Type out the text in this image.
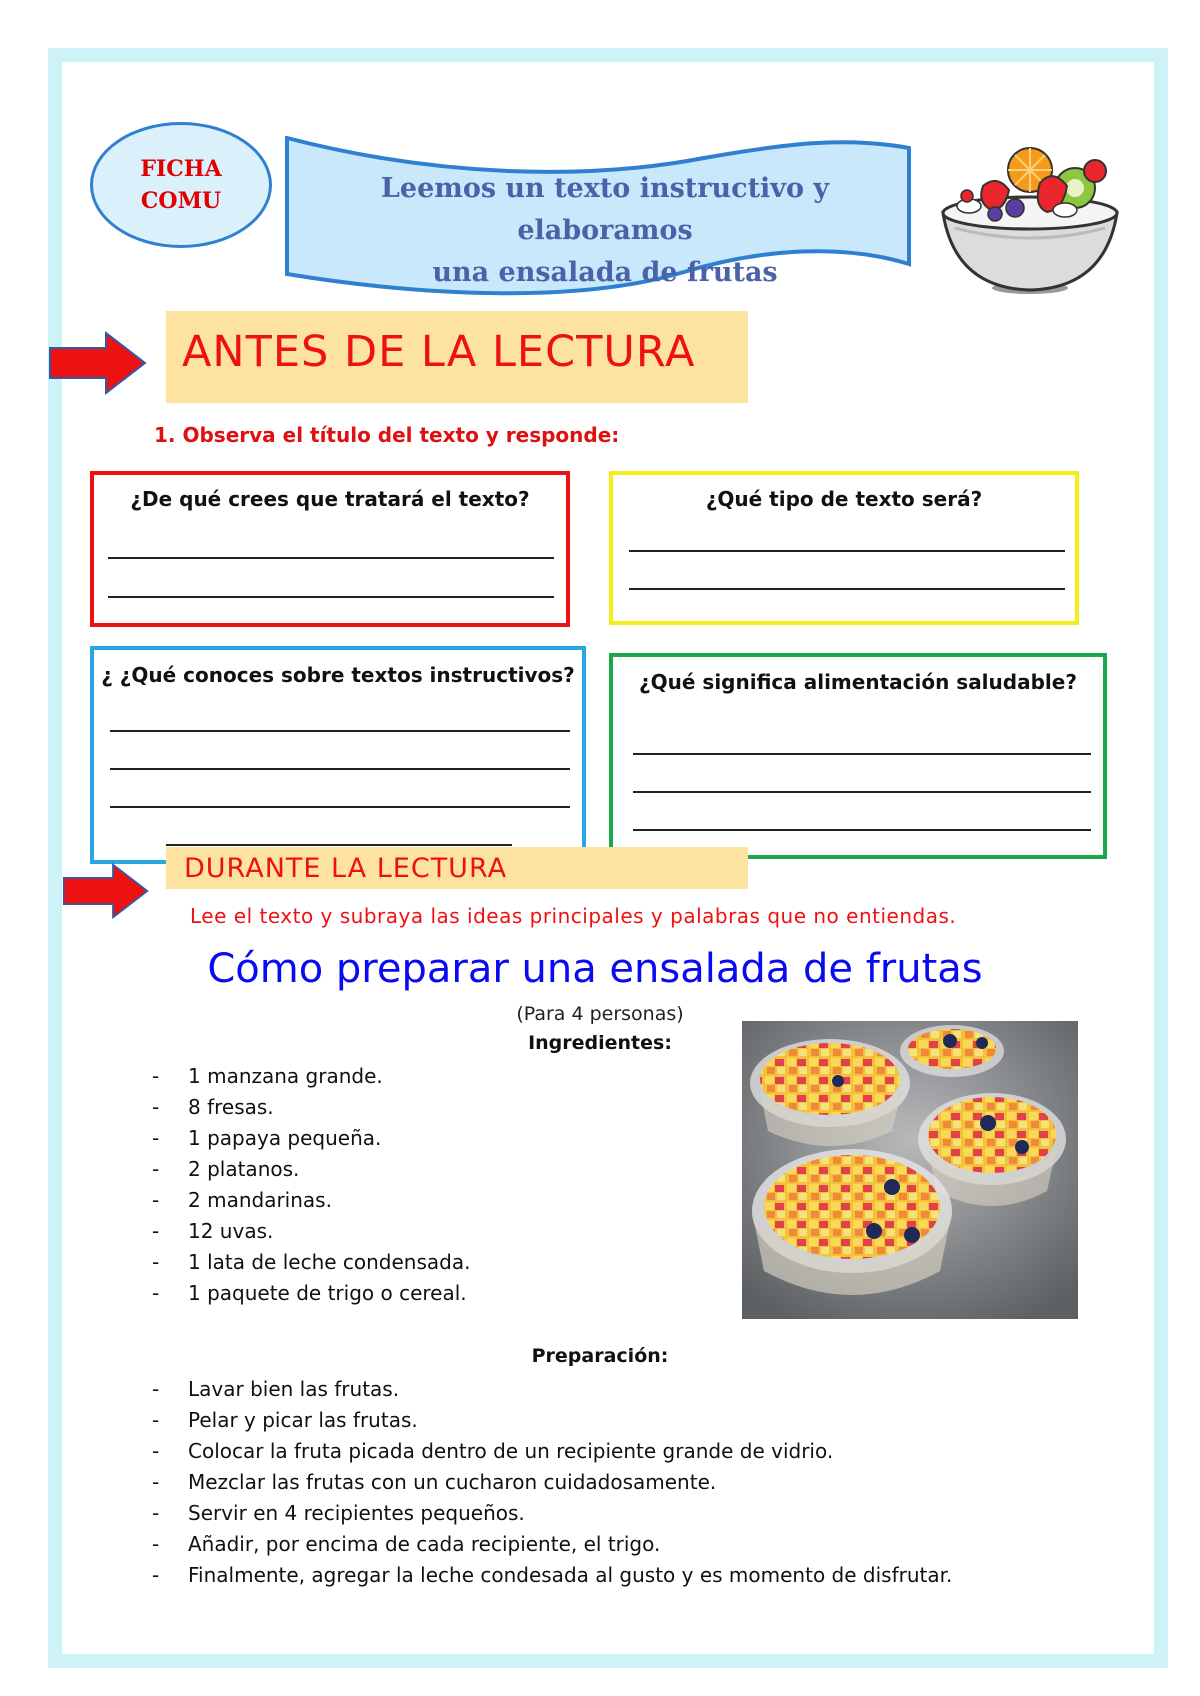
FICHA
COMU	Leemos un texto instructivo y elaboramos
una ensalada de frutas
ANTES DE LA LECTURA
1. Observa el título del texto y responde:
¿De qué crees que tratará el texto?	¿Qué tipo de texto será?
¿ ¿Qué conoces sobre textos instructivos?	¿Qué significa alimentación saludable?
DURANTE LA LECTURA
Lee el texto y subraya las ideas principales y palabras que no entiendas.
Cómo preparar una ensalada de frutas
(Para 4 personas)
Ingredientes:
- 1 manzana grande.
- 8 fresas.
- 1 papaya pequeña.
- 2 platanos.
- 2 mandarinas.
- 12 uvas.
- 1 lata de leche condensada.
- 1 paquete de trigo o cereal.
Preparación:
- Lavar bien las frutas.
- Pelar y picar las frutas.
- Colocar la fruta picada dentro de un recipiente grande de vidrio.
- Mezclar las frutas con un cucharon cuidadosamente.
- Servir en 4 recipientes pequeños.
- Añadir, por encima de cada recipiente, el trigo.
- Finalmente, agregar la leche condesada al gusto y es momento de disfrutar.
